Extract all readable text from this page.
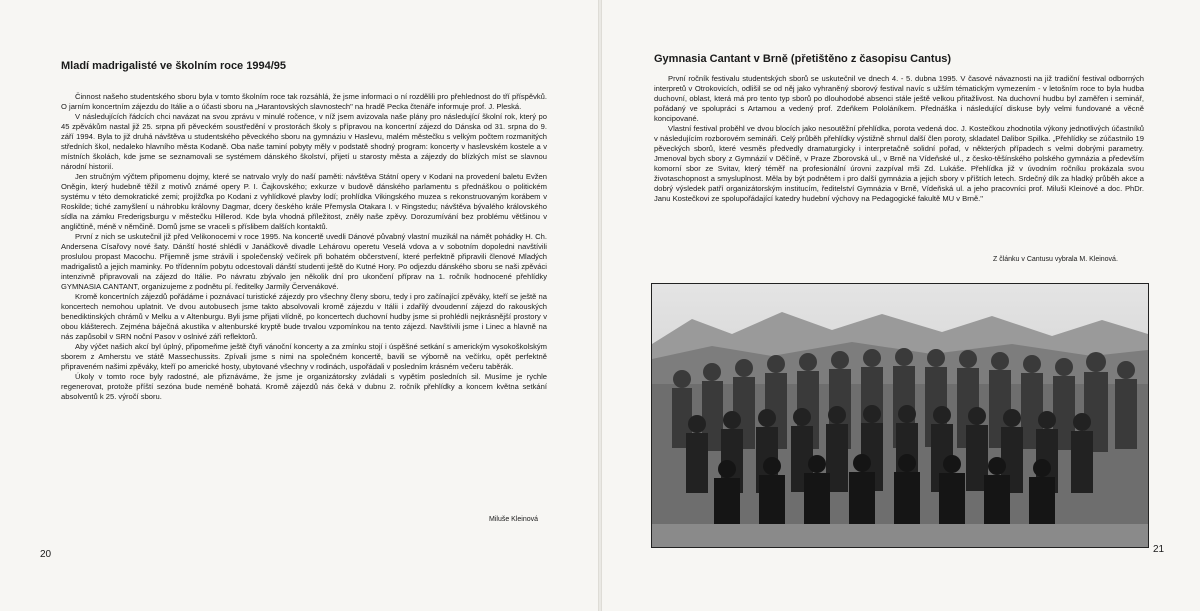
Mladí madrigalisté ve školním roce 1994/95

Činnost našeho studentského sboru byla v tomto školním roce tak rozsáhlá, že jsme informaci o ní rozdělili pro přehlednost do tří příspěvků. O jarním koncertním zájezdu do Itálie a o účasti sboru na „Harantovských slavnostech" na hradě Pecka čtenáře informuje prof. J. Pleská.

V následujících řádcích chci navázat na svou zprávu v minulé ročence, v níž jsem avizovala naše plány pro následující školní rok, který po 45 zpěvákům nastal již 25. srpna při pěveckém soustředění v prostorách školy s přípravou na koncertní zájezd do Dánska od 31. srpna do 9. září 1994. Byla to již druhá návštěva u studentského pěveckého sboru na gymnáziu v Haslevu, malém městečku s velkým počtem rozmanitých středních škol, nedaleko hlavního města Kodaně. Oba naše taminí pobyty měly v podstatě shodný program: koncerty v haslevském kostele a v místních školách, kde jsme se seznamovali se systémem dánského školství, přijetí u starosty města a zájezdy do blízkých míst se slavnou národní historií.

Jen stručným výčtem připomenu dojmy, které se natrvalo vryly do naší paměti: návštěva Státní opery v Kodani na provedení baletu Evžen Oněgin, který hudebně těžil z motivů známé opery P. I. Čajkovského; exkurze v budově dánského parlamentu s přednáškou o politickém systému v této demokratické zemi; projížďka po Kodani z vyhlídkové plavby lodí; prohlídka Vikingského muzea s rekonstruovaným korábem v Roskilde; tiché zamyšlení u náhrobku královny Dagmar, dcery českého krále Přemysla Otakara I. v Ringstedu; návštěva bývalého královského sídla na zámku Frederigsburgu v městečku Hillerod. Kde byla vhodná příležitost, zněly naše zpěvy. Dorozumívání bez problému většinou v angličtině, méně v němčině. Domů jsme se vraceli s příslibem dalších kontaktů.

První z nich se uskutečnil již před Velikonocemi v roce 1995. Na koncertě uvedli Dánové půvabný vlastní muzikál na námět pohádky H. Ch. Andersena Císařovy nové šaty. Dánští hosté shlédli v Janáčkově divadle Lehárovu operetu Veselá vdova a v sobotním dopoledni navštívili proslulou propast Macochu. Přijemně jsme strávili i společenský večírek při bohatém občerstvení, které perfektně připravili členové Mladých madrigalistů a jejich maminky. Po třídenním pobytu odcestovali dánští studenti ještě do Kutné Hory. Po odjezdu dánského sboru se naši zpěváci intenzivně připravovali na zájezd do Itálie. Po návratu zbývalo jen několik dní pro ukončení příprav na 1. ročník hodnocené přehlídky GYMNASIA CANTANT, organizujeme z podnětu pí. ředitelky Jarmily Červenákové.

Kromě koncertních zájezdů pořádáme i poznávací turistické zájezdy pro všechny členy sboru, tedy i pro začínající zpěváky, kteří se ještě na koncertech nemohou uplatnit. Ve dvou autobusech jsme takto absolvovali kromě zájezdu v Itálii i zdařilý dvoudenní zájezd do rakouských benediktinských chrámů v Melku a v Altenburgu. Byli jsme přijati vlídně, po koncertech duchovní hudby jsme si prohlédli nejkrásnější prostory v obou klášterech. Zejména báječná akustika v altenburské kryptě bude trvalou vzpomínkou na tento zájezd. Navštívili jsme i Linec a hlavně na nás zapůsobil v SRN noční Pasov v oslnivé záři reflektorů.

Aby výčet našich akcí byl úplný, připomeňme ještě čtyři vánoční koncerty a za zmínku stojí i úspěšné setkání s americkým vysokoškolským sborem z Amherstu ve státě Massechussits. Zpívali jsme s nimi na společném koncertě, bavili se výborně na večírku, opět perfektně připraveném našimi zpěváky, kteří po americké hosty, ubytované všechny v rodinách, uspořádali v posledním krásném večeru taběrák.

Úkoly v tomto roce byly radostné, ale přiznáváme, že jsme je organizátorsky zvládali s vypětím posledních sil. Musíme je rychle regenerovat, protože příští sezóna bude neméně bohatá. Kromě zájezdů nás čeká v dubnu 2. ročník přehlídky a koncem května setkání absolventů k 25. výročí sboru.

Miluše Kleinová
20
Gymnasia Cantant v Brně (přetištěno z časopisu Cantus)

První ročník festivalu studentských sborů se uskutečnil ve dnech 4. - 5. dubna 1995. V časové návaznosti na již tradiční festival odborných interpretů v Otrokovicích, odlišil se od něj jako vyhraněný sborový festival navíc s užším tématickým vymezením - v letošním roce to byla hudba duchovní, oblast, která má pro tento typ sborů po dlouhodobé absenci stále ještě velkou přitažlivost. Na duchovní hudbu byl zaměřen i seminář, pořádaný ve spolupráci s Artamou a vedený prof. Zdeňkem Pololáníkem. Přednáška i následující diskuse byly velmi fundované a věcně koncipované.

Vlastní festival proběhl ve dvou blocích jako nesoutěžní přehlídka, porota vedená doc. J. Kostečkou zhodnotila výkony jednotlivých účastníků v následujícím rozborovém semináři. Celý průběh přehlídky výstižně shrnul další člen poroty, skladatel Dalibor Spilka. „Přehlídky se zúčastnilo 19 pěveckých sborů, které vesměs předvedly dramaturgicky i interpretačně solidní pořad, v některých případech s velmi dobrými parametry. Jmenoval bych sbory z Gymnázií v Děčíně, v Praze Zborovská ul., v Brně na Vídeňské ul., z česko-těšínského polského gymnázia a především komorní sbor ze Svitav, který téměř na profesionální úrovni zazpíval mši Zd. Lukáše. Přehlídka již v úvodním ročníku prokázala svou životaschopnost a smysluplnost. Měla by být podnětem i pro další gymnázia a jejich sbory v příštích letech. Srdečný dík za hladký průběh akce a dobrý výsledek patří organizátorským institucím, ředitelství Gymnázia v Brně, Vídeňská ul. a jeho pracovníci prof. Miluši Kleinové a doc. PhDr. Janu Kostečkovi ze spolupořádající katedry hudební výchovy na Pedagogické fakultě MU v Brně."

Z článku v Cantusu vybrala M. Kleinová.
21
